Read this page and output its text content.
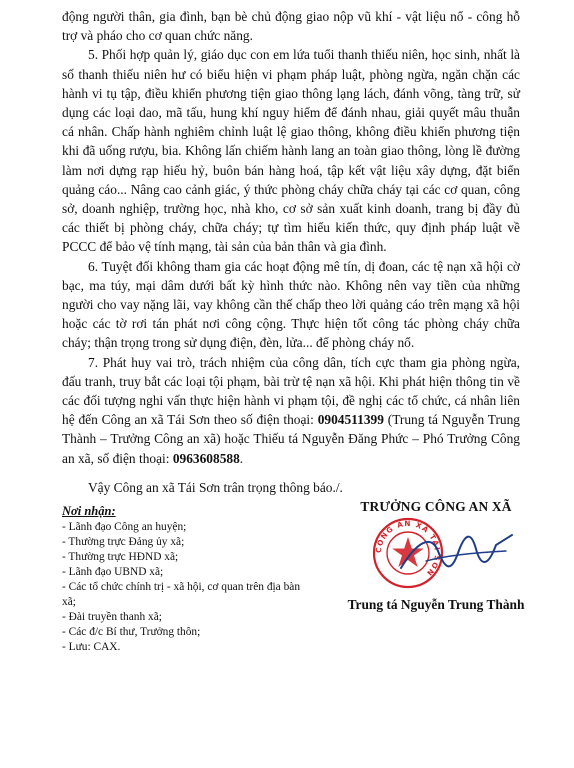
động người thân, gia đình, bạn bè chủ động giao nộp vũ khí - vật liệu nổ - công hỗ trợ và pháo cho cơ quan chức năng.

5. Phối hợp quản lý, giáo dục con em lứa tuổi thanh thiếu niên, học sinh, nhất là số thanh thiếu niên hư có biểu hiện vi phạm pháp luật, phòng ngừa, ngăn chặn các hành vi tụ tập, điều khiển phương tiện giao thông lạng lách, đánh võng, tàng trữ, sử dụng các loại dao, mã tấu, hung khí nguy hiểm để đánh nhau, giải quyết mâu thuẫn cá nhân. Chấp hành nghiêm chỉnh luật lệ giao thông, không điều khiển phương tiện khi đã uống rượu, bia. Không lấn chiếm hành lang an toàn giao thông, lòng lề đường làm nơi dựng rạp hiếu hỷ, buôn bán hàng hoá, tập kết vật liệu xây dựng, đặt biển quảng cáo... Nâng cao cảnh giác, ý thức phòng cháy chữa cháy tại các cơ quan, công sở, doanh nghiệp, trường học, nhà kho, cơ sở sản xuất kinh doanh, trang bị đầy đủ các thiết bị phòng cháy, chữa cháy; tự tìm hiểu kiến thức, quy định pháp luật về PCCC để bảo vệ tính mạng, tài sản của bản thân và gia đình.

6. Tuyệt đối không tham gia các hoạt động mê tín, dị đoan, các tệ nạn xã hội cờ bạc, ma túy, mại dâm dưới bất kỳ hình thức nào. Không nên vay tiền của những người cho vay nặng lãi, vay không cần thế chấp theo lời quảng cáo trên mạng xã hội hoặc các tờ rơi tán phát nơi công cộng. Thực hiện tốt công tác phòng cháy chữa cháy; thận trọng trong sử dụng điện, đèn, lửa... để phòng cháy nổ.

7. Phát huy vai trò, trách nhiệm của công dân, tích cực tham gia phòng ngừa, đấu tranh, truy bắt các loại tội phạm, bài trừ tệ nạn xã hội. Khi phát hiện thông tin về các đối tượng nghi vấn thực hiện hành vi phạm tội, đề nghị các tổ chức, cá nhân liên hệ đến Công an xã Tái Sơn theo số điện thoại: 0904511399 (Trung tá Nguyễn Trung Thành – Trưởng Công an xã) hoặc Thiếu tá Nguyễn Đăng Phức – Phó Trưởng Công an xã, số điện thoại: 0963608588.

Vậy Công an xã Tái Sơn trân trọng thông báo./.
Nơi nhận:
- Lãnh đạo Công an huyện;
- Thường trực Đảng ủy xã;
- Thường trực HĐND xã;
- Lãnh đạo UBND xã;
- Các tổ chức chính trị - xã hội, cơ quan trên địa bàn xã;
- Đài truyền thanh xã;
- Các đ/c Bí thư, Trưởng thôn;
- Lưu: CAX.
TRƯỞNG CÔNG AN XÃ
CÔNG AN XÃ TÁI SƠN
Trung tá Nguyễn Trung Thành
